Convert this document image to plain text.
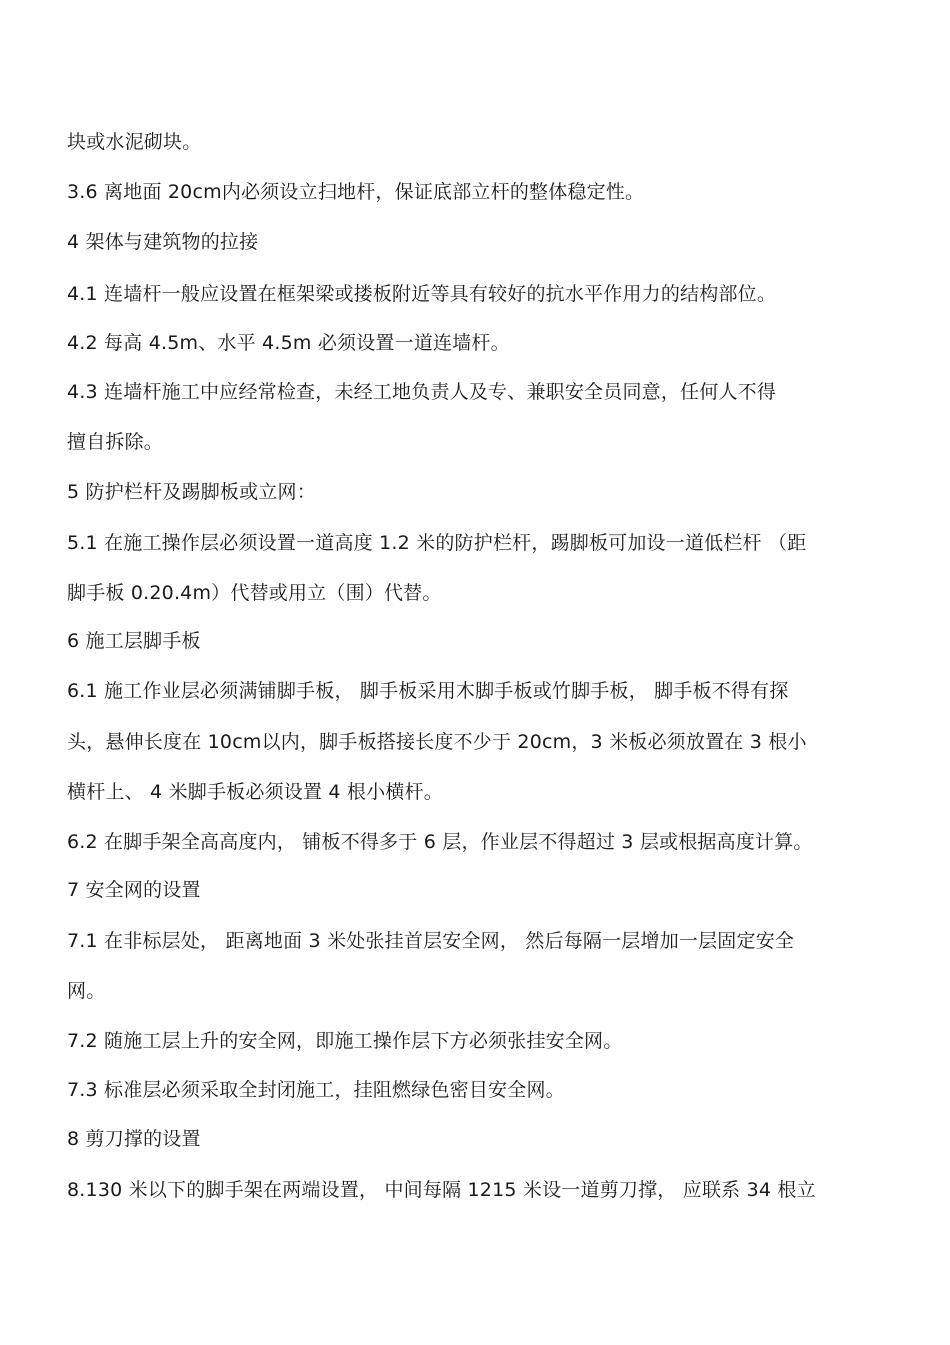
块或水泥砌块。
3.6 离地面 20cm内必须设立扫地杆，保证底部立杆的整体稳定性。
4 架体与建筑物的拉接
4.1 连墙杆一般应设置在框架梁或搂板附近等具有较好的抗水平作用力的结构部位。
4.2 每高 4.5m、水平 4.5m 必须设置一道连墙杆。
4.3 连墙杆施工中应经常检查，未经工地负责人及专、兼职安全员同意，任何人不得
擅自拆除。
5 防护栏杆及踢脚板或立网：
5.1 在施工操作层必须设置一道高度 1.2 米的防护栏杆，踢脚板可加设一道低栏杆 （距
脚手板 0.20.4m）代替或用立（围）代替。
6 施工层脚手板
6.1 施工作业层必须满铺脚手板， 脚手板采用木脚手板或竹脚手板， 脚手板不得有探
头，悬伸长度在 10cm以内，脚手板搭接长度不少于 20cm，3 米板必须放置在 3 根小
横杆上、 4 米脚手板必须设置 4 根小横杆。
6.2 在脚手架全高高度内， 铺板不得多于 6 层，作业层不得超过 3 层或根据高度计算。
7 安全网的设置
7.1 在非标层处， 距离地面 3 米处张挂首层安全网， 然后每隔一层增加一层固定安全
网。
7.2 随施工层上升的安全网，即施工操作层下方必须张挂安全网。
7.3 标准层必须采取全封闭施工，挂阻燃绿色密目安全网。
8 剪刀撑的设置
8.130 米以下的脚手架在两端设置， 中间每隔 1215 米设一道剪刀撑， 应联系 34 根立
